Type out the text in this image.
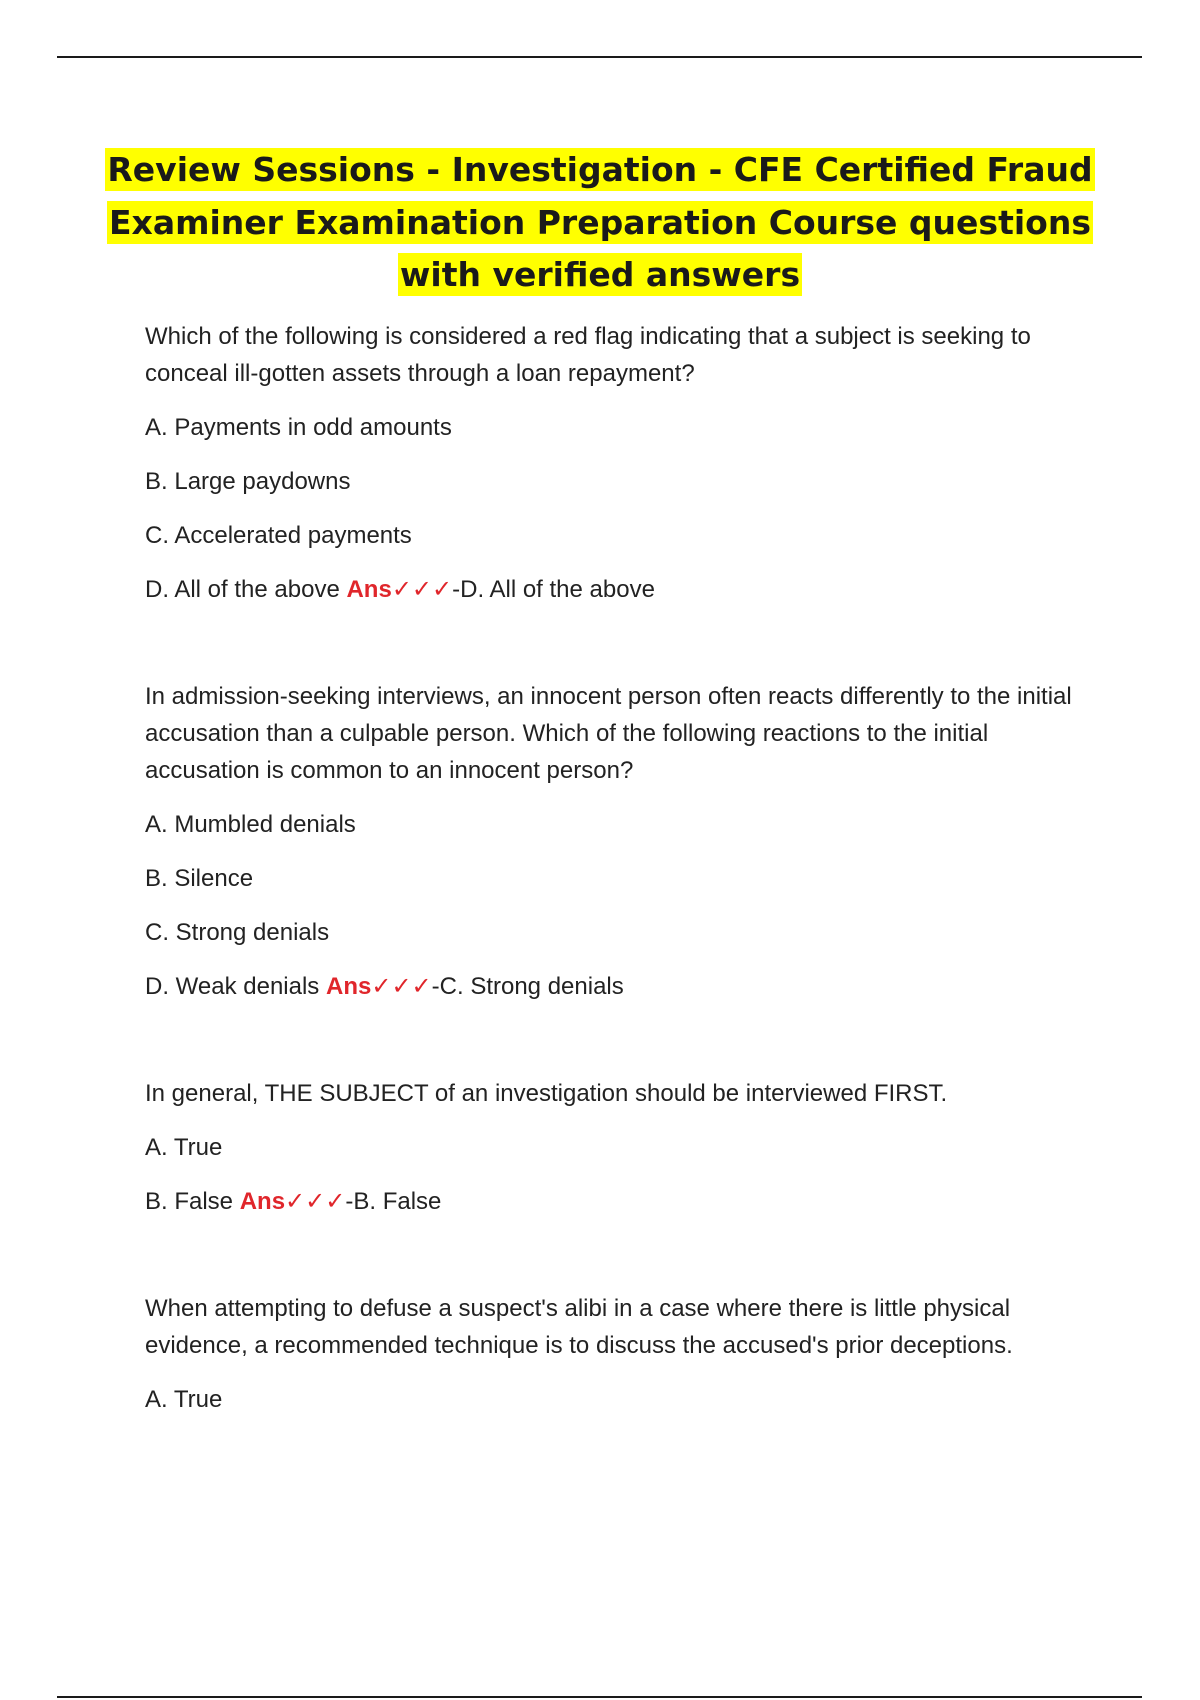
Review Sessions - Investigation - CFE Certified Fraud
Examiner Examination Preparation Course questions
with verified answers
Which of the following is considered a red flag indicating that a subject is seeking to conceal ill-gotten assets through a loan repayment?
A. Payments in odd amounts
B. Large paydowns
C. Accelerated payments
D. All of the above Ans✓✓✓-D. All of the above
In admission-seeking interviews, an innocent person often reacts differently to the initial accusation than a culpable person. Which of the following reactions to the initial accusation is common to an innocent person?
A. Mumbled denials
B. Silence
C. Strong denials
D. Weak denials Ans✓✓✓-C. Strong denials
In general, THE SUBJECT of an investigation should be interviewed FIRST.
A. True
B. False Ans✓✓✓-B. False
When attempting to defuse a suspect's alibi in a case where there is little physical evidence, a recommended technique is to discuss the accused's prior deceptions.
A. True
